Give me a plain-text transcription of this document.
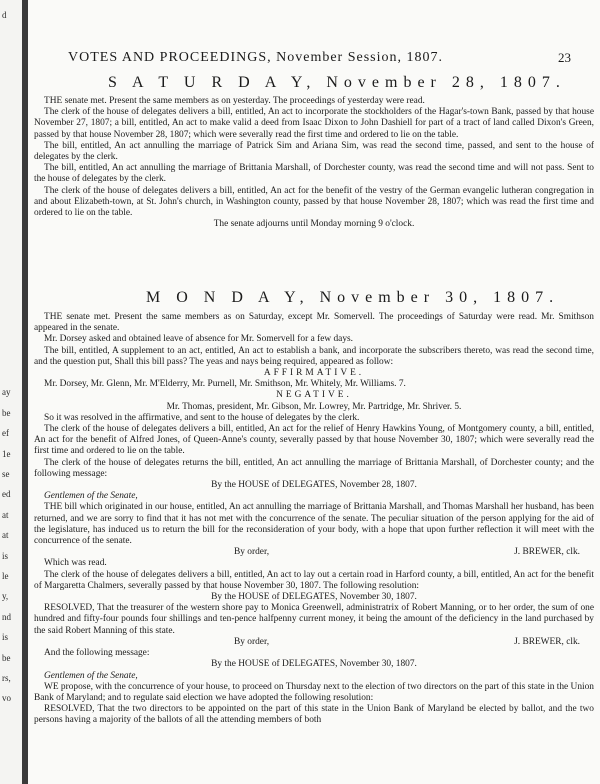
d
ay
be
ef
1e
se
ed
at
at
is
le
y,
nd
is
be
rs,
vo
VOTES AND PROCEEDINGS, November Session, 1807.	23
S A T U R D A Y, November 28, 1807.

THE senate met. Present the same members as on yesterday. The proceedings of yesterday were read.

The clerk of the house of delegates delivers a bill, entitled, An act to incorporate the stockholders of the Hagar's-town Bank, passed by that house November 27, 1807; a bill, entitled, An act to make valid a deed from Isaac Dixon to John Dashiell for part of a tract of land called Dixon's Green, passed by that house November 28, 1807; which were severally read the first time and ordered to lie on the table.

The bill, entitled, An act annulling the marriage of Patrick Sim and Ariana Sim, was read the second time, passed, and sent to the house of delegates by the clerk.

The bill, entitled, An act annulling the marriage of Brittania Marshall, of Dorchester county, was read the second time and will not pass. Sent to the house of delegates by the clerk.

The clerk of the house of delegates delivers a bill, entitled, An act for the benefit of the vestry of the German evangelic lutheran congregation in and about Elizabeth-town, at St. John's church, in Washington county, passed by that house November 28, 1807; which was read the first time and ordered to lie on the table.

The senate adjourns until Monday morning 9 o'clock.

M O N D A Y, November 30, 1807.

THE senate met. Present the same members as on Saturday, except Mr. Somervell. The proceedings of Saturday were read. Mr. Smithson appeared in the senate.

Mr. Dorsey asked and obtained leave of absence for Mr. Somervell for a few days.

The bill, entitled, A supplement to an act, entitled, An act to establish a bank, and incorporate the subscribers thereto, was read the second time, and the question put, Shall this bill pass? The yeas and nays being required, appeared as follow:

AFFIRMATIVE.

Mr. Dorsey, Mr. Glenn, Mr. M'Elderry, Mr. Purnell, Mr. Smithson, Mr. Whitely, Mr. Williams. 7.

NEGATIVE.

Mr. Thomas, president, Mr. Gibson, Mr. Lowrey, Mr. Partridge, Mr. Shriver. 5.

So it was resolved in the affirmative, and sent to the house of delegates by the clerk.

The clerk of the house of delegates delivers a bill, entitled, An act for the relief of Henry Hawkins Young, of Montgomery county, a bill, entitled, An act for the benefit of Alfred Jones, of Queen-Anne's county, severally passed by that house November 30, 1807; which were severally read the first time and ordered to lie on the table.

The clerk of the house of delegates returns the bill, entitled, An act annulling the marriage of Brittania Marshall, of Dorchester county; and the following message:

By the HOUSE of DELEGATES, November 28, 1807.

Gentlemen of the Senate,

THE bill which originated in our house, entitled, An act annulling the marriage of Brittania Marshall, and Thomas Marshall her husband, has been returned, and we are sorry to find that it has not met with the concurrence of the senate. The peculiar situation of the person applying for the aid of the legislature, has induced us to return the bill for the reconsideration of your body, with a hope that upon further reflection it will meet with the concurrence of the senate.

By order,	J. BREWER, clk.

Which was read.

The clerk of the house of delegates delivers a bill, entitled, An act to lay out a certain road in Harford county, a bill, entitled, An act for the benefit of Margaretta Chalmers, severally passed by that house November 30, 1807. The following resolution:

By the HOUSE of DELEGATES, November 30, 1807.

RESOLVED, That the treasurer of the western shore pay to Monica Greenwell, administratrix of Robert Manning, or to her order, the sum of one hundred and fifty-four pounds four shillings and ten-pence halfpenny current money, it being the amount of the deficiency in the land purchased by the said Robert Manning of this state.

By order,	J. BREWER, clk.

And the following message:

By the HOUSE of DELEGATES, November 30, 1807.

Gentlemen of the Senate,

WE propose, with the concurrence of your house, to proceed on Thursday next to the election of two directors on the part of this state in the Union Bank of Maryland; and to regulate said election we have adopted the following resolution:

RESOLVED, That the two directors to be appointed on the part of this state in the Union Bank of Maryland be elected by ballot, and the two persons having a majority of the ballots of all the attending members of both
